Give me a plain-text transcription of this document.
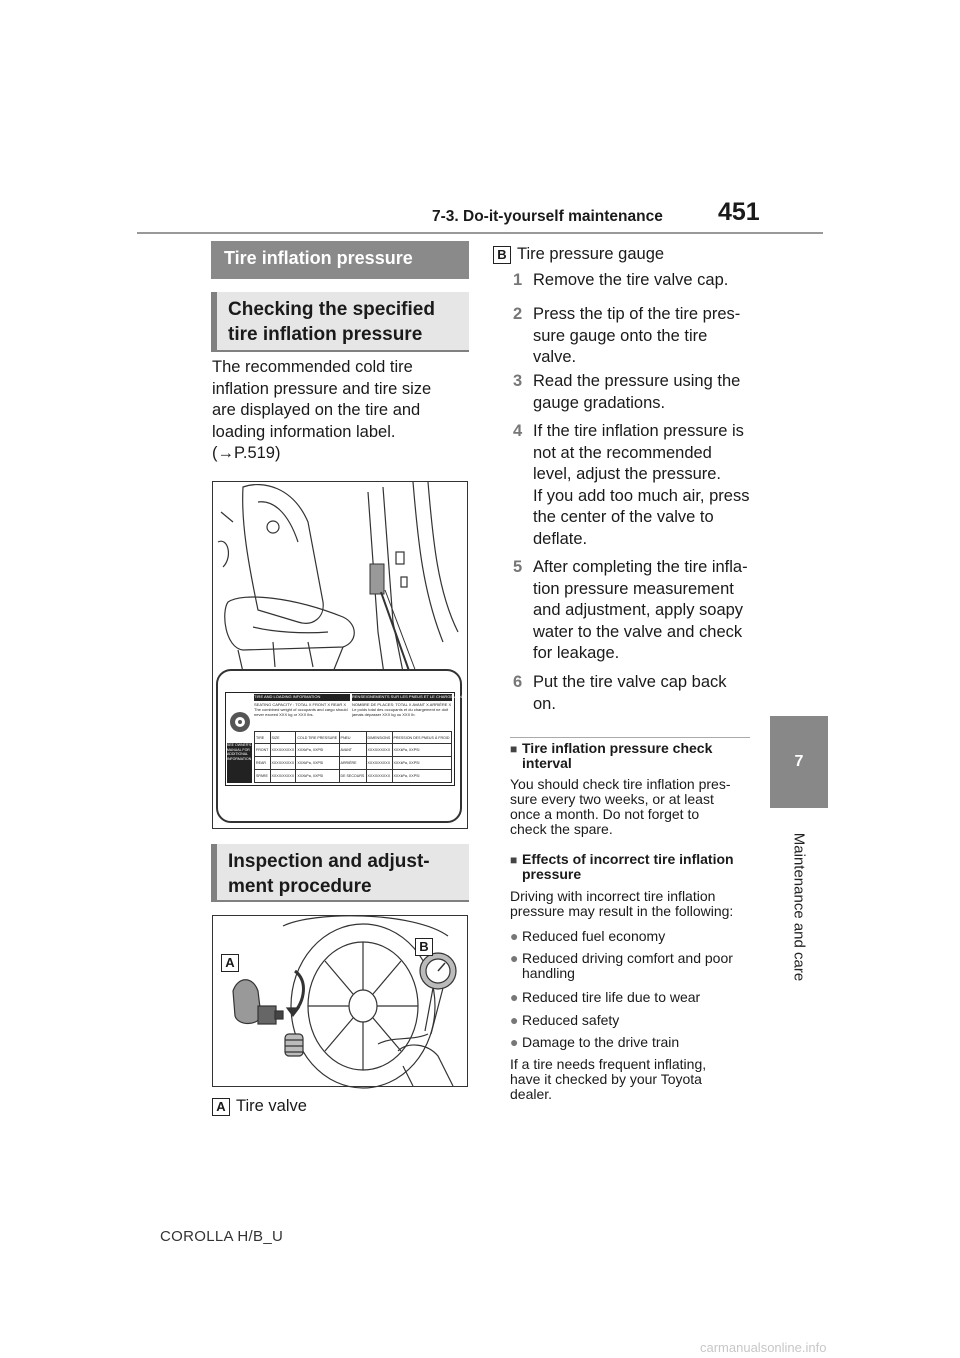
7-3. Do-it-yourself maintenance 451
7
Maintenance and care
Tire inflation pressure
Checking the specified
tire inflation pressure
The recommended cold tire
inflation pressure and tire size
are displayed on the tire and
loading information label.
(→P.519)
TIRE AND LOADING INFORMATION	RENSEIGNEMENTS SUR LES PNEUS ET LE CHARGEMENT
SEATING CAPACITY : TOTAL X FRONT X REAR X
The combined weight of occupants and cargo should never exceed XXX kg or XXX lbs.
NOMBRE DE PLACES: TOTAL X AVANT X ARRIÈRE X
Le poids total des occupants et du chargement ne doit jamais dépasser XXX kg ou XXX lb.
TIRE	SIZE	COLD TIRE PRESSURE	PNEU	DIMENSIONS	PRESSION DES PNEUS À FROID
FRONT	XXXX/XXXXX	XXXkPa, XXPSI	AVANT	XXXX/XXXXX	XXXkPa, XXPSI
REAR	XXXX/XXXXX	XXXkPa, XXPSI	ARRIÈRE	XXXX/XXXXX	XXXkPa, XXPSI
SPARE	XXXX/XXXXX	XXXkPa, XXPSI	DE SECOURS	XXXX/XXXXX	XXXkPa, XXPSI
SEE OWNER'S MANUAL FOR ADDITIONAL INFORMATION
Inspection and adjust-
ment procedure
A
B
A Tire valve
B Tire pressure gauge
1 Remove the tire valve cap.
2 Press the tip of the tire pres-
sure gauge onto the tire
valve.
3 Read the pressure using the
gauge gradations.
4 If the tire inflation pressure is
not at the recommended
level, adjust the pressure.
If you add too much air, press
the center of the valve to
deflate.
5 After completing the tire infla-
tion pressure measurement
and adjustment, apply soapy
water to the valve and check
for leakage.
6 Put the tire valve cap back
on.
■ Tire inflation pressure check
interval
You should check tire inflation pres-
sure every two weeks, or at least
once a month. Do not forget to
check the spare.
■ Effects of incorrect tire inflation
pressure
Driving with incorrect tire inflation
pressure may result in the following:
● Reduced fuel economy
● Reduced driving comfort and poor
handling
● Reduced tire life due to wear
● Reduced safety
● Damage to the drive train
If a tire needs frequent inflating,
have it checked by your Toyota
dealer.
COROLLA H/B_U
carmanualsonline.info
